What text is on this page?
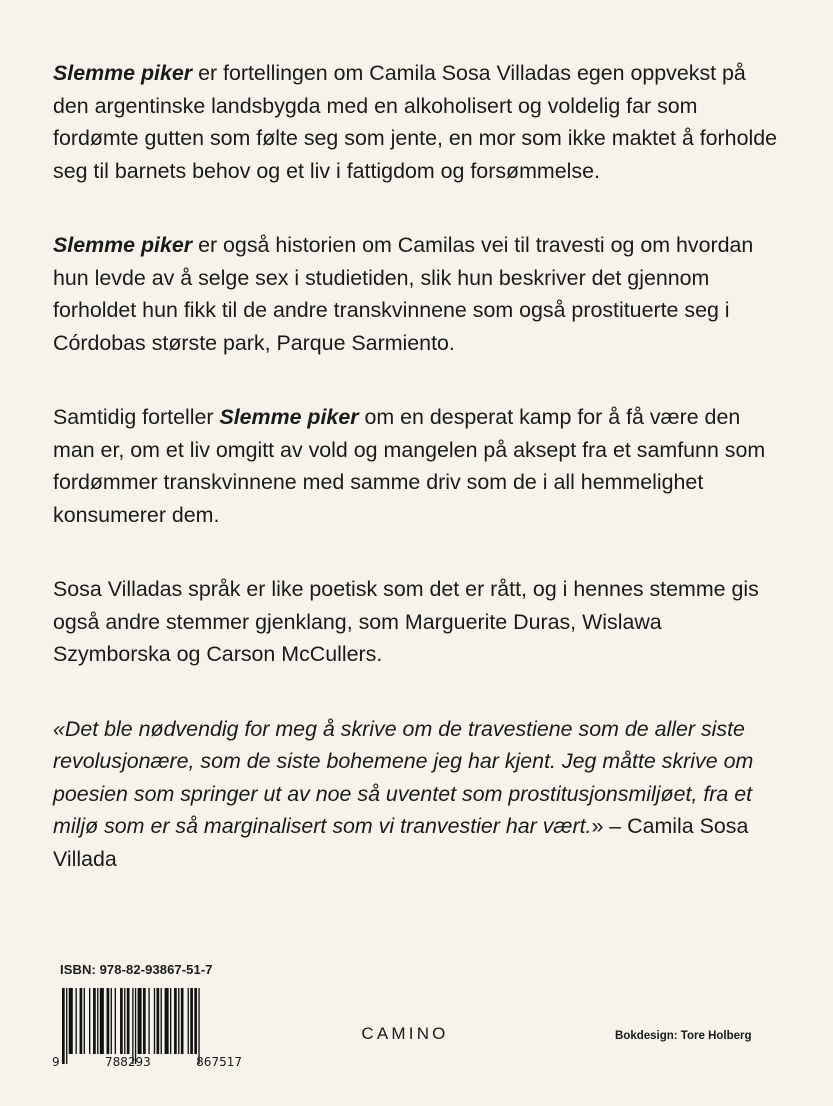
Slemme piker er fortellingen om Camila Sosa Villadas egen oppvekst på den argentinske landsbygda med en alkoholisert og voldelig far som fordømte gutten som følte seg som jente, en mor som ikke maktet å forholde seg til barnets behov og et liv i fattigdom og forsømmelse.

Slemme piker er også historien om Camilas vei til travesti og om hvordan hun levde av å selge sex i studietiden, slik hun beskriver det gjennom forholdet hun fikk til de andre transkvinnene som også prostituerte seg i Córdobas største park, Parque Sarmiento.

Samtidig forteller Slemme piker om en desperat kamp for å få være den man er, om et liv omgitt av vold og mangelen på aksept fra et samfunn som fordømmer transkvinnene med samme driv som de i all hemmelighet konsumerer dem.

Sosa Villadas språk er like poetisk som det er rått, og i hennes stemme gis også andre stemmer gjenklang, som Marguerite Duras, Wislawa Szymborska og Carson McCullers.

«Det ble nødvendig for meg å skrive om de travestiene som de aller siste revolusjonære, som de siste bohemene jeg har kjent. Jeg måtte skrive om poesien som springer ut av noe så uventet som prostitusjonsmiljøet, fra et miljø som er så marginalisert som vi tranvestier har vært.» – Camila Sosa Villada

ISBN: 978-82-93867-51-7
9	788293	867517
CAMINO	Bokdesign: Tore Holberg
